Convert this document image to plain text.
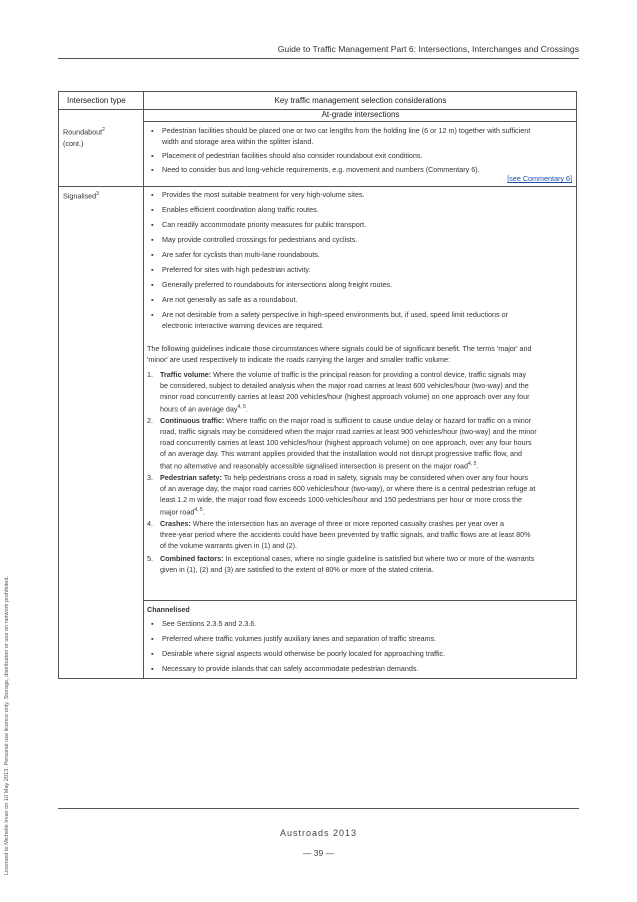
Guide to Traffic Management Part 6: Intersections, Interchanges and Crossings
Licensed to Michelle Irvan on 10 May 2013. Personal use licence only. Storage, distribution or use on network prohibited.
Intersection type	Key traffic management selection considerations
At-grade intersections
Roundabout$^2$
(cont.)
▪ Pedestrian facilities should be placed one or two car lengths from the holding line (6 or 12 m) together with sufficient
width and storage area within the splitter island.
▪ Placement of pedestrian facilities should also consider roundabout exit conditions.
▪ Need to consider bus and long-vehicle requirements, e.g. movement and numbers (Commentary 6).
[see Commentary 6]
Signalised$^3$	▪ Provides the most suitable treatment for very high-volume sites.
▪ Enables efficient coordination along traffic routes.
▪ Can readily accommodate priority measures for public transport.
▪ May provide controlled crossings for pedestrians and cyclists.
▪ Are safer for cyclists than multi-lane roundabouts.
▪ Preferred for sites with high pedestrian activity.
▪ Generally preferred to roundabouts for intersections along freight routes.
▪ Are not generally as safe as a roundabout.
▪ Are not desirable from a safety perspective in high-speed environments but, if used, speed limit reductions or
electronic interactive warning devices are required.
The following guidelines indicate those circumstances where signals could be of significant benefit. The terms 'major' and
'minor' are used respectively to indicate the roads carrying the larger and smaller traffic volume:
1. Traffic volume: Where the volume of traffic is the principal reason for providing a control device, traffic signals may
be considered, subject to detailed analysis when the major road carries at least 600 vehicles/hour (two-way) and the
minor road concurrently carries at least 200 vehicles/hour (highest approach volume) on one approach over any four
hours of an average day$^{4, 5}$.
2. Continuous traffic: Where traffic on the major road is sufficient to cause undue delay or hazard for traffic on a minor
road, traffic signals may be considered when the major road carries at least 900 vehicles/hour (two-way) and the minor
road concurrently carries at least 100 vehicles/hour (highest approach volume) on one approach, over any four hours
of an average day. This warrant applies provided that the installation would not disrupt progressive traffic flow, and
that no alternative and reasonably accessible signalised intersection is present on the major road$^{4, 5}$.
3. Pedestrian safety: To help pedestrians cross a road in safety, signals may be considered when over any four hours
of an average day, the major road carries 600 vehicles/hour (two-way), or where there is a central pedestrian refuge at
least 1.2 m wide, the major road flow exceeds 1000 vehicles/hour and 150 pedestrians per hour or more cross the
major road$^{4, 5}$.
4. Crashes: Where the intersection has an average of three or more reported casualty crashes per year over a
three-year period where the accidents could have been prevented by traffic signals, and traffic flows are at least 80%
of the volume warrants given in (1) and (2).
5. Combined factors: In exceptional cases, where no single guideline is satisfied but where two or more of the warrants
given in (1), (2) and (3) are satisfied to the extent of 80% or more of the stated criteria.
Channelised
▪ See Sections 2.3.5 and 2.3.6.
▪ Preferred where traffic volumes justify auxiliary lanes and separation of traffic streams.
▪ Desirable where signal aspects would otherwise be poorly located for approaching traffic.
▪ Necessary to provide islands that can safely accommodate pedestrian demands.
Austroads 2013
— 39 —
